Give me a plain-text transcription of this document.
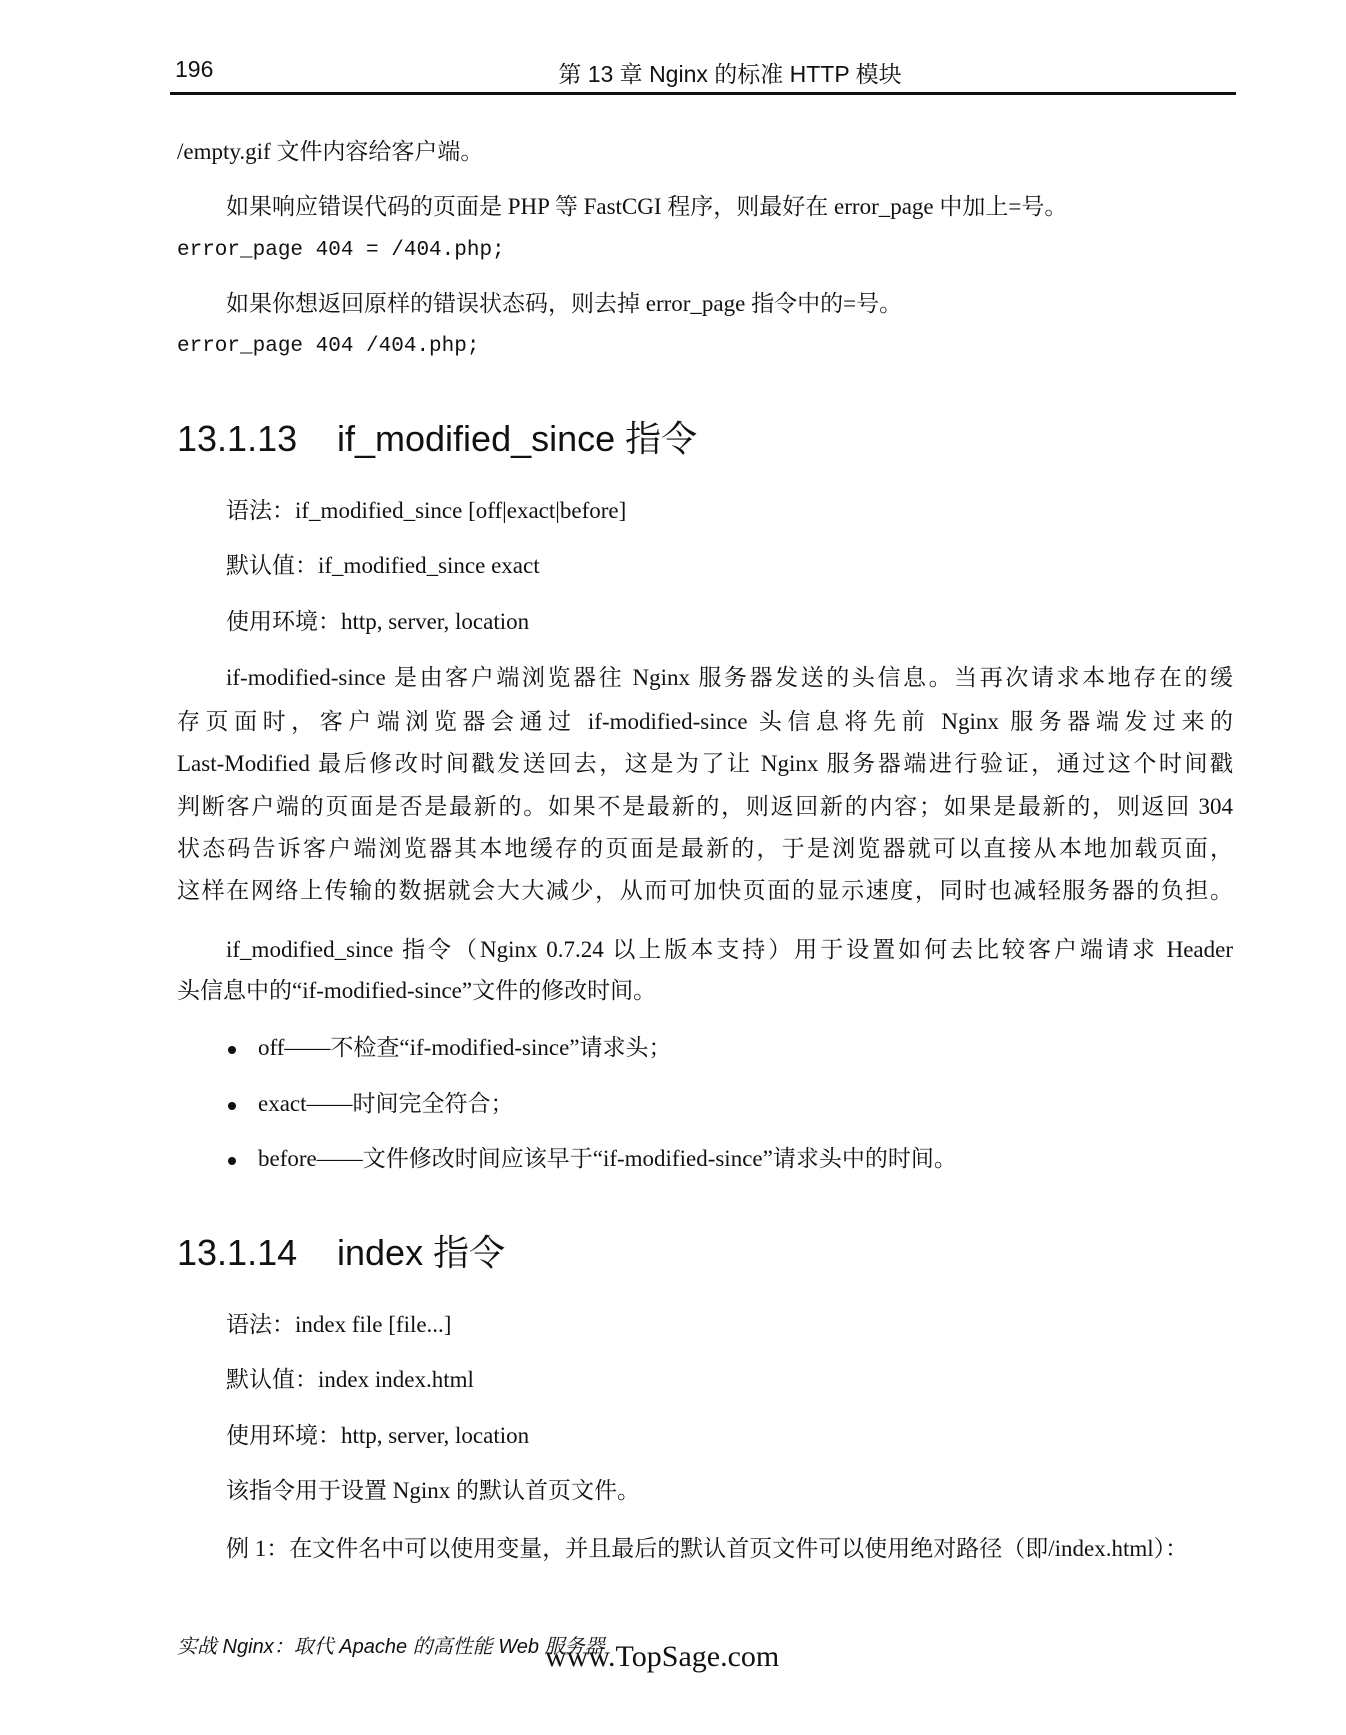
196	第 13 章 Nginx 的标准 HTTP 模块
/empty.gif 文件内容给客户端。
如果响应错误代码的页面是 PHP 等 FastCGI 程序，则最好在 error_page 中加上=号。
error_page 404 = /404.php;
如果你想返回原样的错误状态码，则去掉 error_page 指令中的=号。
error_page 404 /404.php;
13.1.13 if_modified_since 指令
语法：if_modified_since [off|exact|before]
默认值：if_modified_since exact
使用环境：http, server, location
if-modified-since 是由客户端浏览器往 Nginx 服务器发送的头信息。当再次请求本地存在的缓
存页面时，客户端浏览器会通过 if-modified-since 头信息将先前 Nginx 服务器端发过来的
Last-Modified 最后修改时间戳发送回去，这是为了让 Nginx 服务器端进行验证，通过这个时间戳
判断客户端的页面是否是最新的。如果不是最新的，则返回新的内容；如果是最新的，则返回 304
状态码告诉客户端浏览器其本地缓存的页面是最新的，于是浏览器就可以直接从本地加载页面，
这样在网络上传输的数据就会大大减少，从而可加快页面的显示速度，同时也减轻服务器的负担。
if_modified_since 指令（Nginx 0.7.24 以上版本支持）用于设置如何去比较客户端请求 Header
头信息中的“if-modified-since”文件的修改时间。
off——不检查“if-modified-since”请求头；
exact——时间完全符合；
before——文件修改时间应该早于“if-modified-since”请求头中的时间。
13.1.14 index 指令
语法：index file [file...]
默认值：index index.html
使用环境：http, server, location
该指令用于设置 Nginx 的默认首页文件。
例 1：在文件名中可以使用变量，并且最后的默认首页文件可以使用绝对路径（即/index.html）：
实战 Nginx：取代 Apache 的高性能 Web 服务器
www.TopSage.com
